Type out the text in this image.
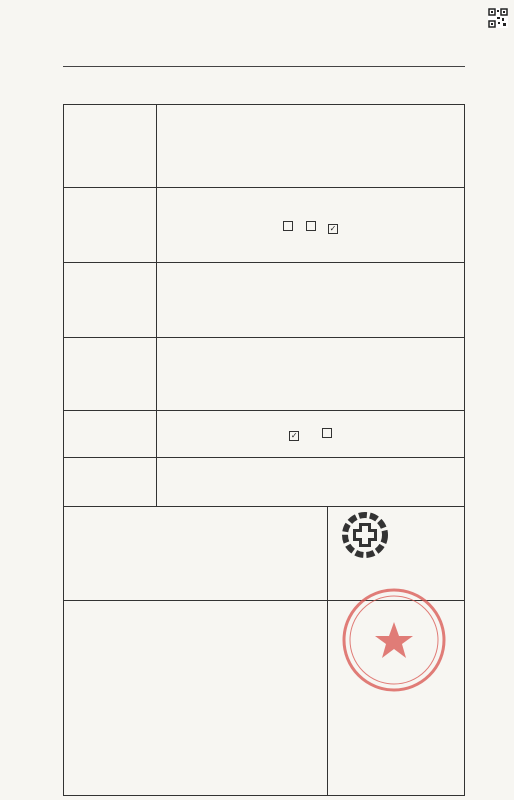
✓
✓
